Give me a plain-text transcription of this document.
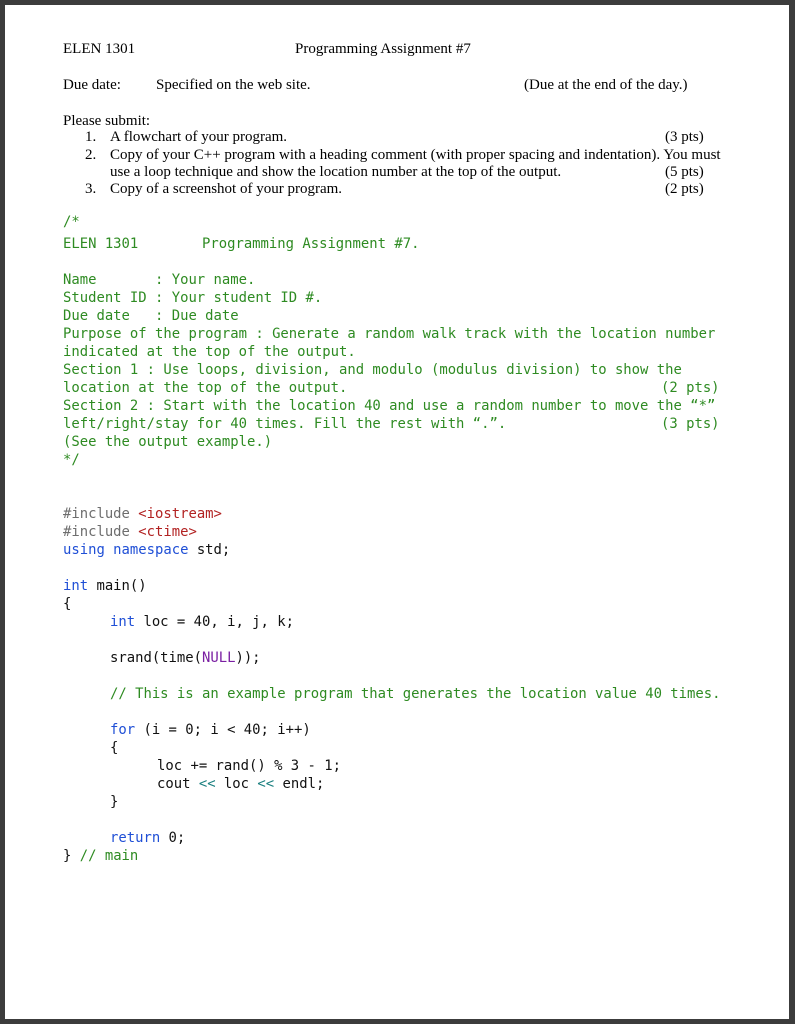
ELEN 1301	Programming Assignment #7
Due date: Specified on the web site.	(Due at the end of the day.)
Please submit:
1. A flowchart of your program.	(3 pts)
2. Copy of your C++ program with a heading comment (with proper spacing and indentation). You must
use a loop technique and show the location number at the top of the output.	(5 pts)
3. Copy of a screenshot of your program.	(2 pts)
/*
ELEN 1301	Programming Assignment #7.
Name       : Your name.
Student ID : Your student ID #.
Due date   : Due date
Purpose of the program : Generate a random walk track with the location number
indicated at the top of the output.
Section 1 : Use loops, division, and modulo (modulus division) to show the
location at the top of the output.	(2 pts)
Section 2 : Start with the location 40 and use a random number to move the “*”
left/right/stay for 40 times. Fill the rest with “.”.	(3 pts)
(See the output example.)
*/
#include <iostream>
#include <ctime>
using namespace std;
int main()
{
int loc = 40, i, j, k;
srand(time(NULL));
// This is an example program that generates the location value 40 times.
for (i = 0; i < 40; i++)
{
loc += rand() % 3 - 1;
cout << loc << endl;
}
return 0;
} // main
